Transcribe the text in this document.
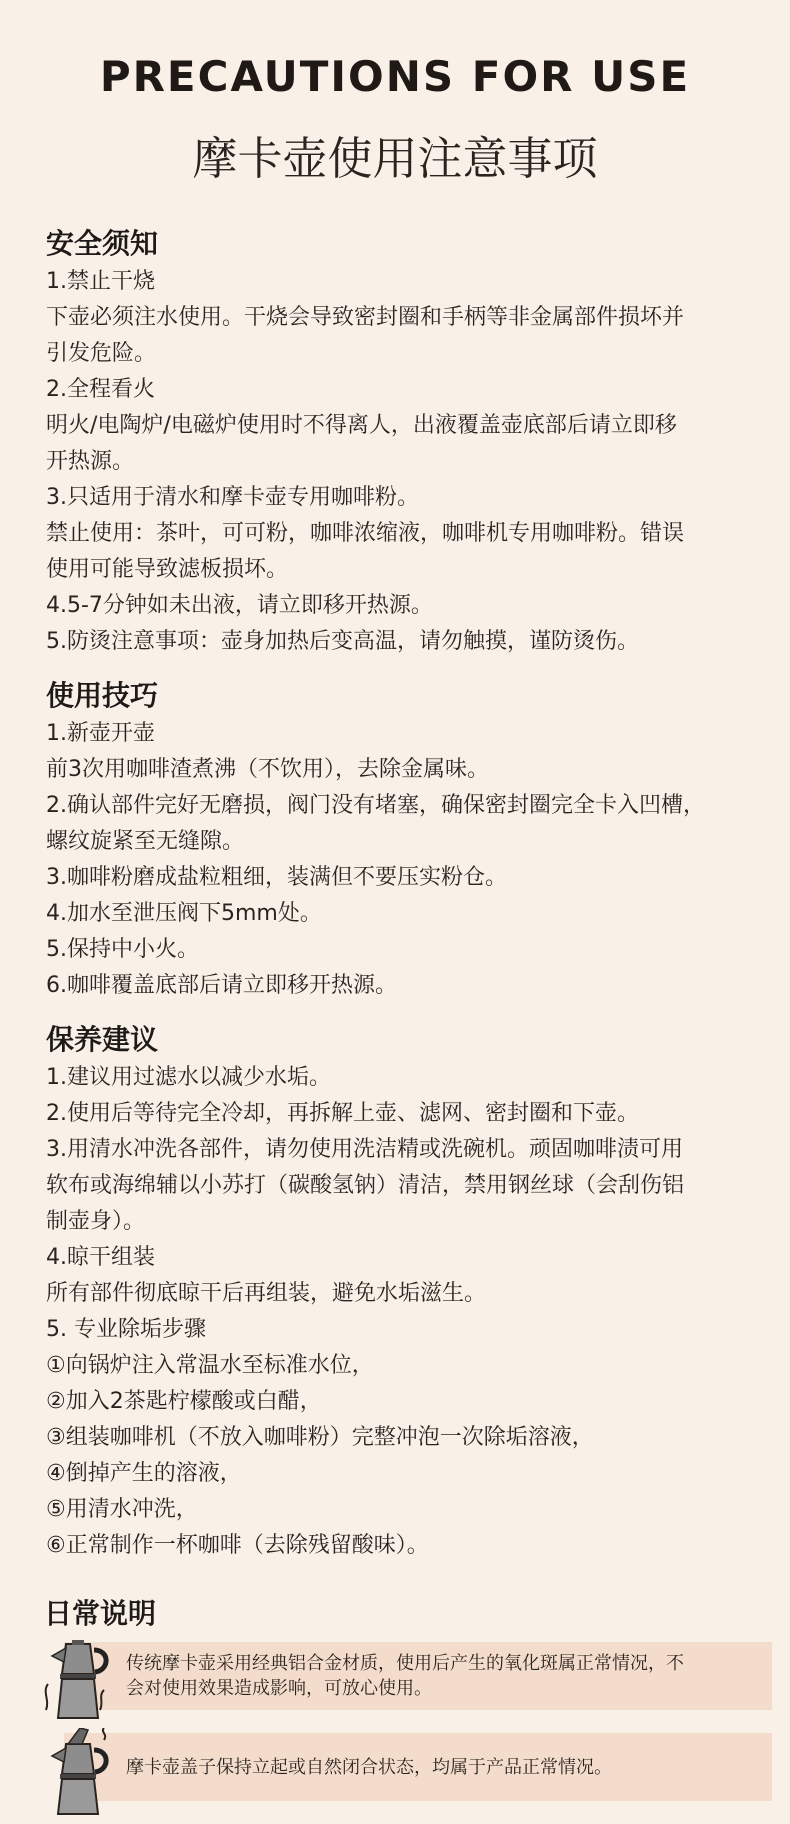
PRECAUTIONS FOR USE
摩卡壶使用注意事项
安全须知

1.禁止干烧

下壶必须注水使用。干烧会导致密封圈和手柄等非金属部件损坏并

引发危险。

2.全程看火

明火/电陶炉/电磁炉使用时不得离人，出液覆盖壶底部后请立即移

开热源。

3.只适用于清水和摩卡壶专用咖啡粉。

禁止使用：茶叶，可可粉，咖啡浓缩液，咖啡机专用咖啡粉。错误

使用可能导致滤板损坏。

4.5-7分钟如未出液，请立即移开热源。

5.防烫注意事项：壶身加热后变高温，请勿触摸，谨防烫伤。

使用技巧

1.新壶开壶

前3次用咖啡渣煮沸（不饮用），去除金属味。

2.确认部件完好无磨损，阀门没有堵塞，确保密封圈完全卡入凹槽，

螺纹旋紧至无缝隙。

3.咖啡粉磨成盐粒粗细，装满但不要压实粉仓。

4.加水至泄压阀下5mm处。

5.保持中小火。

6.咖啡覆盖底部后请立即移开热源。

保养建议

1.建议用过滤水以减少水垢。

2.使用后等待完全冷却，再拆解上壶、滤网、密封圈和下壶。

3.用清水冲洗各部件，请勿使用洗洁精或洗碗机。顽固咖啡渍可用

软布或海绵辅以小苏打（碳酸氢钠）清洁，禁用钢丝球（会刮伤铝

制壶身）。

4.晾干组装

所有部件彻底晾干后再组装，避免水垢滋生。

5. 专业除垢步骤

①向锅炉注入常温水至标准水位，

②加入2茶匙柠檬酸或白醋，

③组装咖啡机（不放入咖啡粉）完整冲泡一次除垢溶液，

④倒掉产生的溶液，

⑤用清水冲洗，

⑥正常制作一杯咖啡（去除残留酸味）。

日常说明
传统摩卡壶采用经典铝合金材质，使用后产生的氧化斑属正常情况，不
会对使用效果造成影响，可放心使用。
摩卡壶盖子保持立起或自然闭合状态，均属于产品正常情况。
